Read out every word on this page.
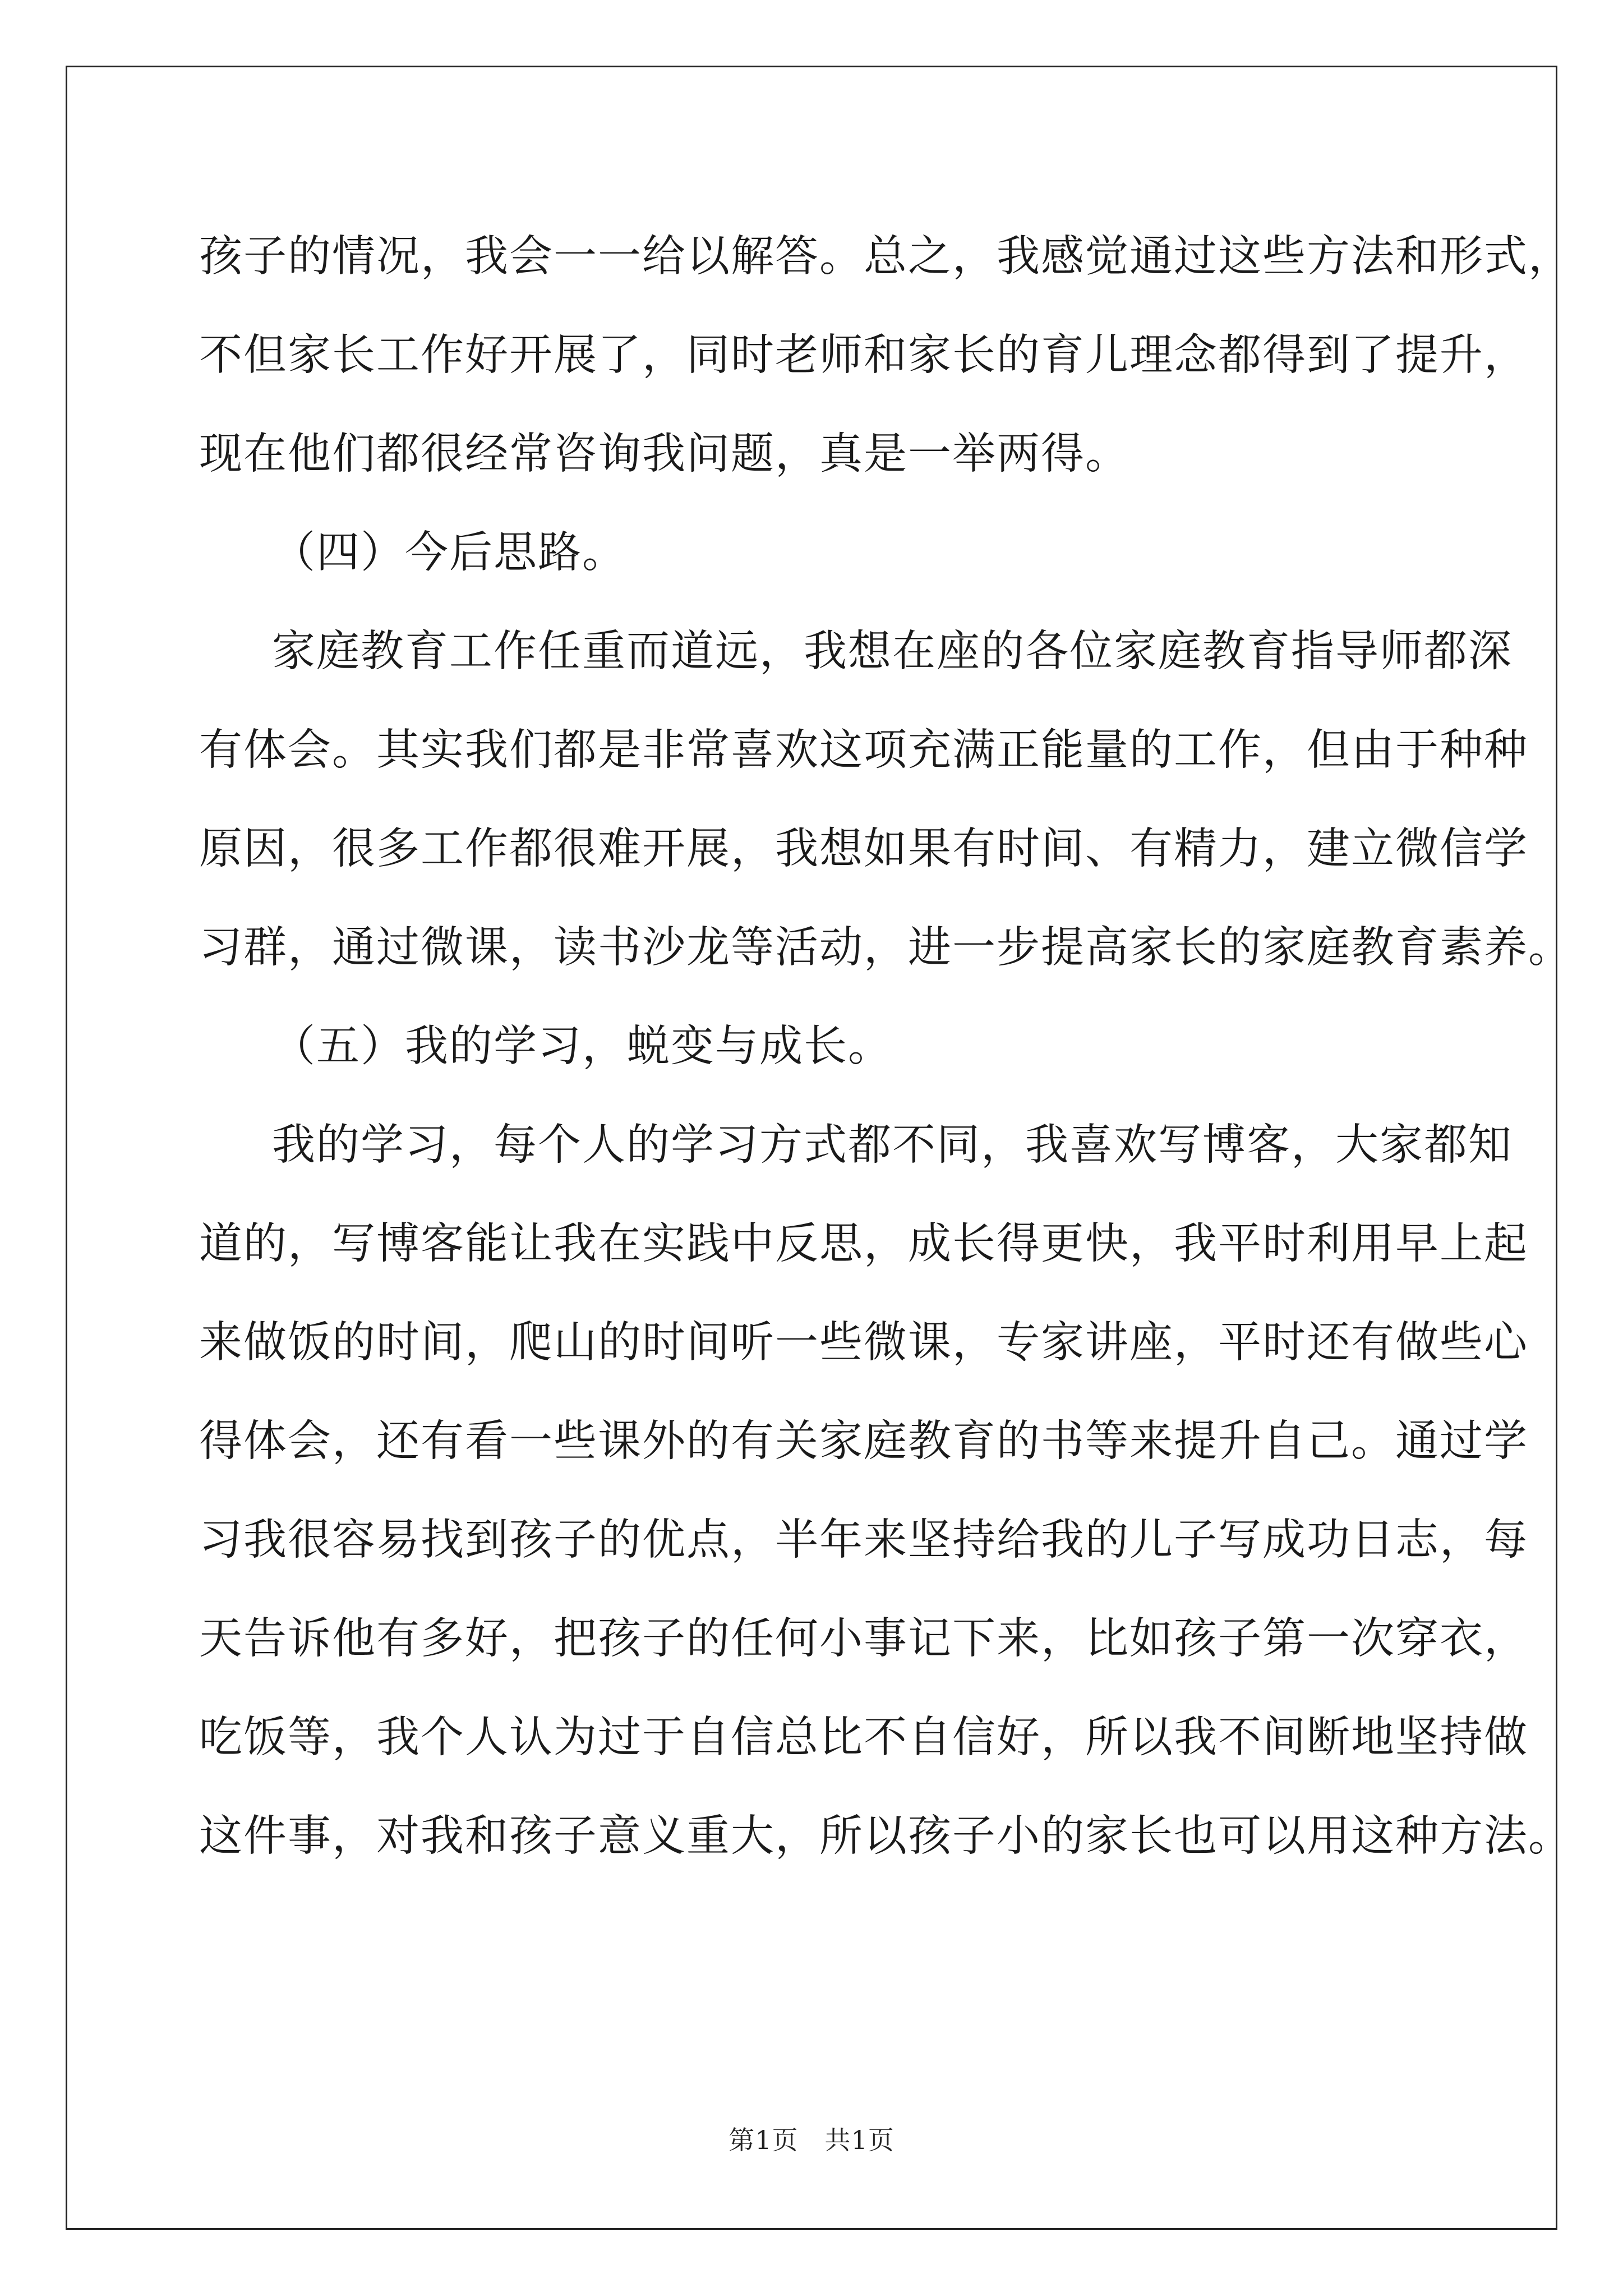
孩子的情况，我会一一给以解答。总之，我感觉通过这些方法和形式，
不但家长工作好开展了，同时老师和家长的育儿理念都得到了提升，
现在他们都很经常咨询我问题，真是一举两得。
（四）今后思路。
家庭教育工作任重而道远，我想在座的各位家庭教育指导师都深
有体会。其实我们都是非常喜欢这项充满正能量的工作，但由于种种
原因，很多工作都很难开展，我想如果有时间、有精力，建立微信学
习群，通过微课，读书沙龙等活动，进一步提高家长的家庭教育素养。
（五）我的学习，蜕变与成长。
我的学习，每个人的学习方式都不同，我喜欢写博客，大家都知
道的，写博客能让我在实践中反思，成长得更快，我平时利用早上起
来做饭的时间，爬山的时间听一些微课，专家讲座，平时还有做些心
得体会，还有看一些课外的有关家庭教育的书等来提升自己。通过学
习我很容易找到孩子的优点，半年来坚持给我的儿子写成功日志，每
天告诉他有多好，把孩子的任何小事记下来，比如孩子第一次穿衣，
吃饭等，我个人认为过于自信总比不自信好，所以我不间断地坚持做
这件事，对我和孩子意义重大，所以孩子小的家长也可以用这种方法。
第1页　共1页
